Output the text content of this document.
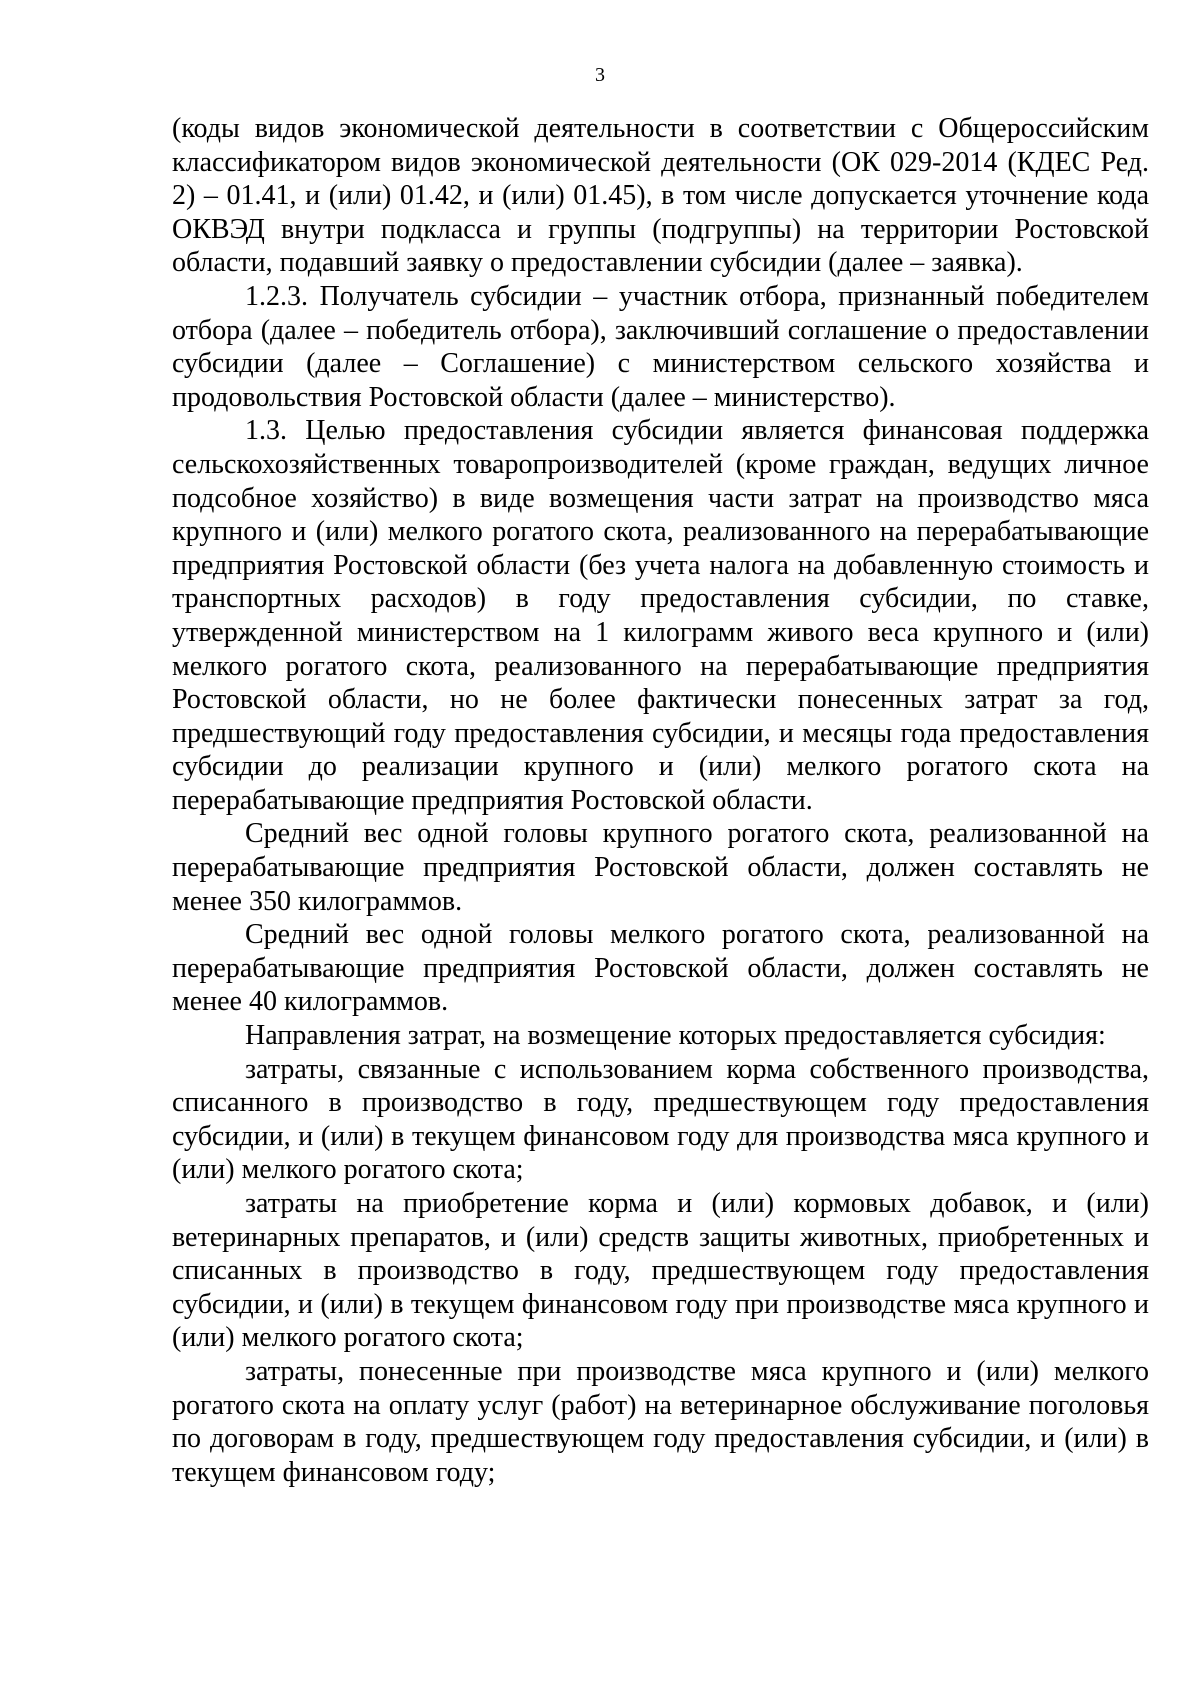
3

(коды видов экономической деятельности в соответствии с Общероссийским классификатором видов экономической деятельности (ОК 029-2014 (КДЕС Ред. 2) – 01.41, и (или) 01.42, и (или) 01.45), в том числе допускается уточнение кода ОКВЭД внутри подкласса и группы (подгруппы) на территории Ростовской области, подавший заявку о предоставлении субсидии (далее – заявка).

1.2.3. Получатель субсидии – участник отбора, признанный победителем отбора (далее – победитель отбора), заключивший соглашение о предоставлении субсидии (далее – Соглашение) с министерством сельского хозяйства и продовольствия Ростовской области (далее – министерство).

1.3. Целью предоставления субсидии является финансовая поддержка сельскохозяйственных товаропроизводителей (кроме граждан, ведущих личное подсобное хозяйство) в виде возмещения части затрат на производство мяса крупного и (или) мелкого рогатого скота, реализованного на перерабатывающие предприятия Ростовской области (без учета налога на добавленную стоимость и транспортных расходов) в году предоставления субсидии, по ставке, утвержденной министерством на 1 килограмм живого веса крупного и (или) мелкого рогатого скота, реализованного на перерабатывающие предприятия Ростовской области, но не более фактически понесенных затрат за год, предшествующий году предоставления субсидии, и месяцы года предоставления субсидии до реализации крупного и (или) мелкого рогатого скота на перерабатывающие предприятия Ростовской области.

Средний вес одной головы крупного рогатого скота, реализованной на перерабатывающие предприятия Ростовской области, должен составлять не менее 350 килограммов.

Средний вес одной головы мелкого рогатого скота, реализованной на перерабатывающие предприятия Ростовской области, должен составлять не менее 40 килограммов.

Направления затрат, на возмещение которых предоставляется субсидия:

затраты, связанные с использованием корма собственного производства, списанного в производство в году, предшествующем году предоставления субсидии, и (или) в текущем финансовом году для производства мяса крупного и (или) мелкого рогатого скота;

затраты на приобретение корма и (или) кормовых добавок, и (или) ветеринарных препаратов, и (или) средств защиты животных, приобретенных и списанных в производство в году, предшествующем году предоставления субсидии, и (или) в текущем финансовом году при производстве мяса крупного и (или) мелкого рогатого скота;

затраты, понесенные при производстве мяса крупного и (или) мелкого рогатого скота на оплату услуг (работ) на ветеринарное обслуживание поголовья по договорам в году, предшествующем году предоставления субсидии, и (или) в текущем финансовом году;
